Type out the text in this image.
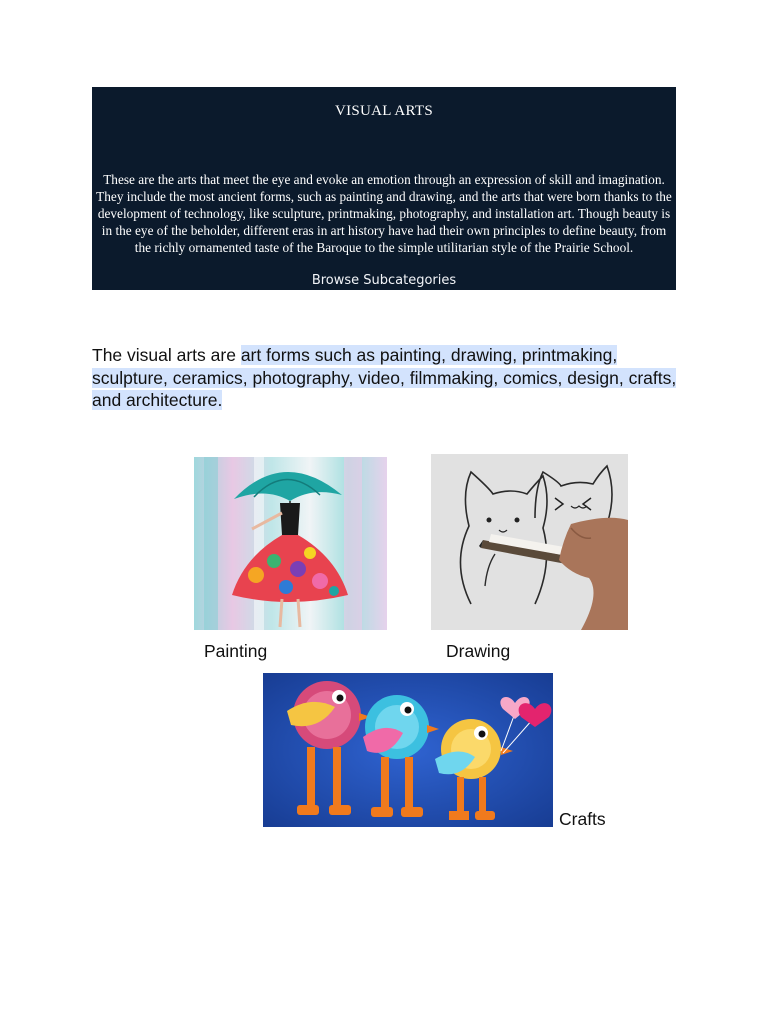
VISUAL ARTS
These are the arts that meet the eye and evoke an emotion through an expression of skill and imagination. They include the most ancient forms, such as painting and drawing, and the arts that were born thanks to the development of technology, like sculpture, printmaking, photography, and installation art. Though beauty is in the eye of the beholder, different eras in art history have had their own principles to define beauty, from the richly ornamented taste of the Baroque to the simple utilitarian style of the Prairie School.
Browse Subcategories

The visual arts are art forms such as painting, drawing, printmaking, sculpture, ceramics, photography, video, filmmaking, comics, design, crafts, and architecture.

Painting	Drawing
Crafts
